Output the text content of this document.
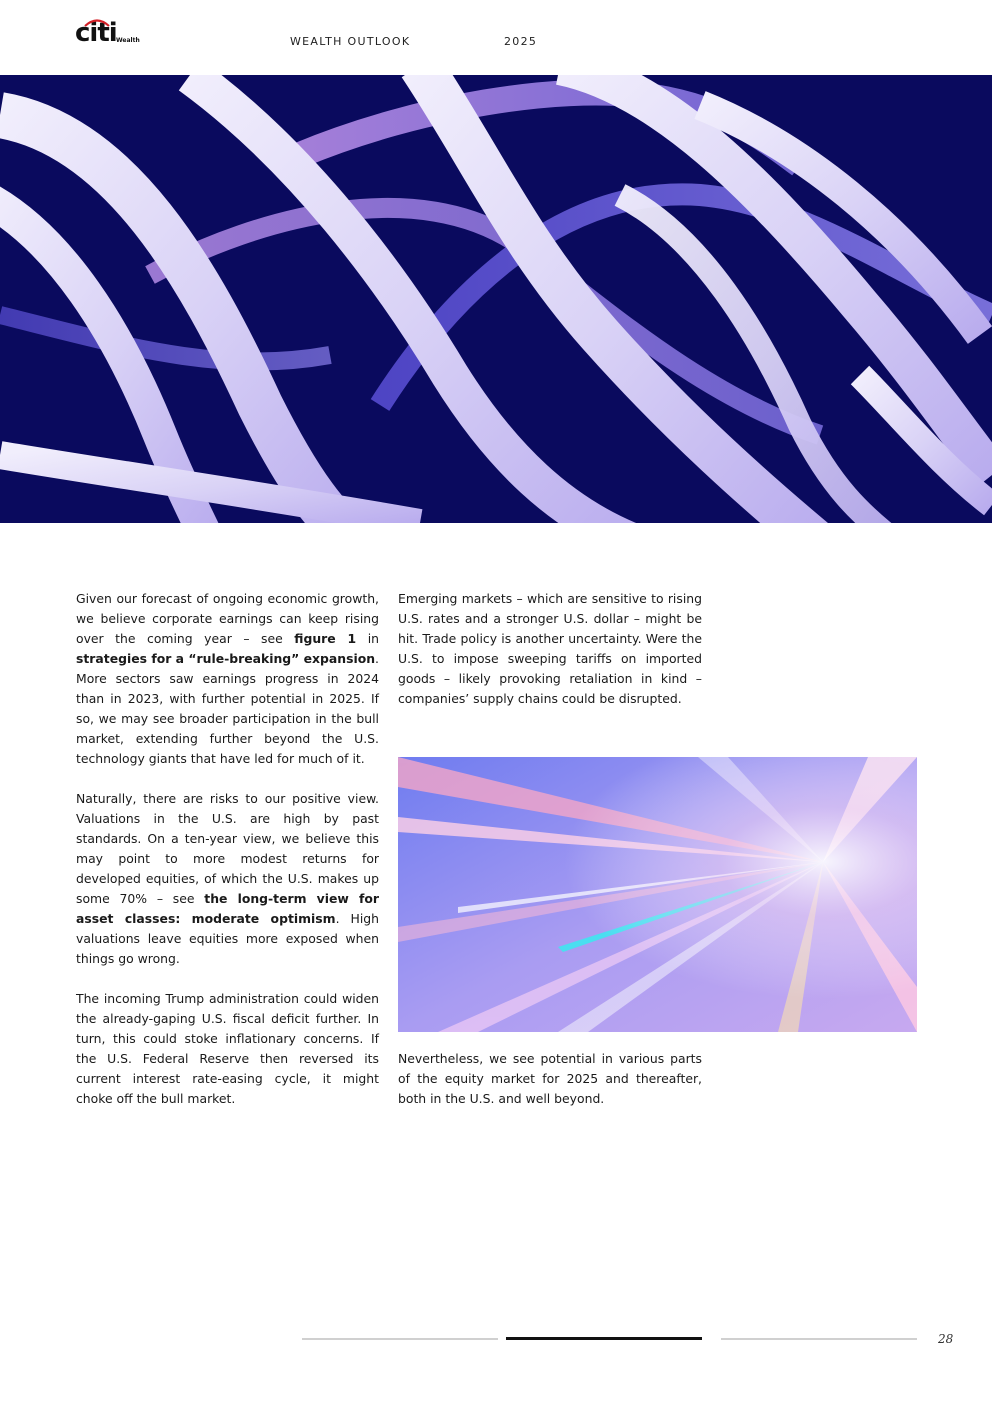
citi Wealth	WEALTH OUTLOOK	2025

Given our forecast of ongoing economic growth, we believe corporate earnings can keep rising over the coming year – see figure 1 in strategies for a “rule-breaking” expansion. More sectors saw earnings progress in 2024 than in 2023, with further potential in 2025. If so, we may see broader participation in the bull market, extending further beyond the U.S. technology giants that have led for much of it.

Naturally, there are risks to our positive view. Valuations in the U.S. are high by past standards. On a ten-year view, we believe this may point to more modest returns for developed equities, of which the U.S. makes up some 70% – see the long-term view for asset classes: moderate optimism. High valuations leave equities more exposed when things go wrong.

The incoming Trump administration could widen the already-gaping U.S. fiscal deficit further. In turn, this could stoke inflationary concerns. If the U.S. Federal Reserve then reversed its current interest rate-easing cycle, it might choke off the bull market.

Emerging markets – which are sensitive to rising U.S. rates and a stronger U.S. dollar – might be hit. Trade policy is another uncertainty. Were the U.S. to impose sweeping tariffs on imported goods – likely provoking retaliation in kind – companies’ supply chains could be disrupted.

Nevertheless, we see potential in various parts of the equity market for 2025 and thereafter, both in the U.S. and well beyond.

28
